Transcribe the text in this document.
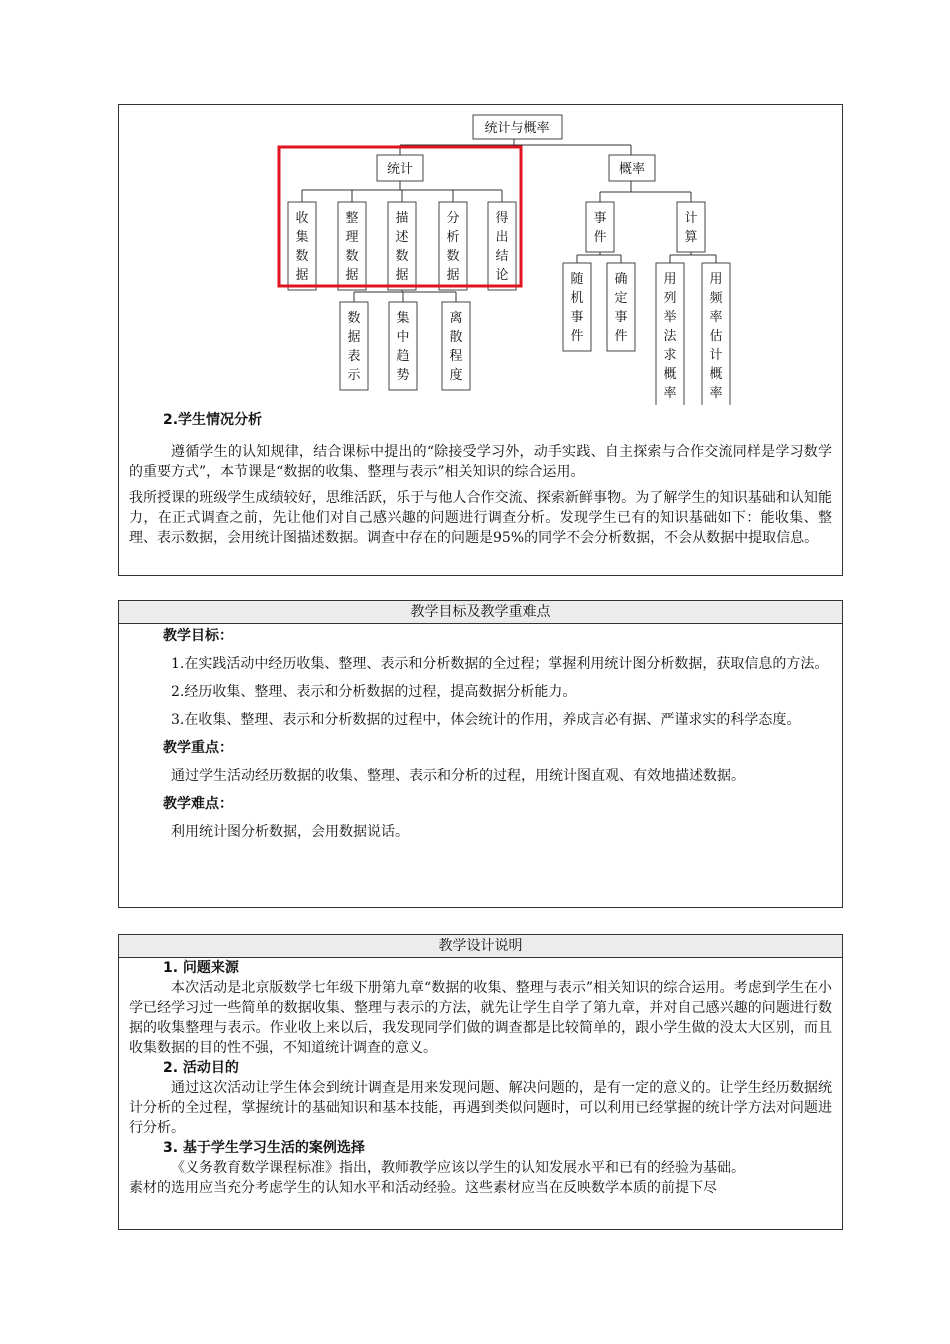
统计与概率
统计	概率
收集数据
整理数据
描述数据
分析数据
得出结论
数据表示
集中趋势
离散程度
事件
计算
随机事件
确定事件
用列举法求概率
用频率估计概率

2.学生情况分析

遵循学生的认知规律，结合课标中提出的“除接受学习外，动手实践、自主探索与合作交流同样是学习数学的重要方式”，本节课是“数据的收集、整理与表示”相关知识的综合运用。

我所授课的班级学生成绩较好，思维活跃，乐于与他人合作交流、探索新鲜事物。为了解学生的知识基础和认知能力，在正式调查之前，先让他们对自己感兴趣的问题进行调查分析。发现学生已有的知识基础如下：能收集、整理、表示数据，会用统计图描述数据。调查中存在的问题是95%的同学不会分析数据，不会从数据中提取信息。

教学目标及教学重难点

教学目标：

1.在实践活动中经历收集、整理、表示和分析数据的全过程；掌握利用统计图分析数据，获取信息的方法。

2.经历收集、整理、表示和分析数据的过程，提高数据分析能力。

3.在收集、整理、表示和分析数据的过程中，体会统计的作用，养成言必有据、严谨求实的科学态度。

教学重点：

通过学生活动经历数据的收集、整理、表示和分析的过程，用统计图直观、有效地描述数据。

教学难点：

利用统计图分析数据，会用数据说话。

教学设计说明

1. 问题来源

本次活动是北京版数学七年级下册第九章“数据的收集、整理与表示”相关知识的综合运用。考虑到学生在小学已经学习过一些简单的数据收集、整理与表示的方法，就先让学生自学了第九章，并对自己感兴趣的问题进行数据的收集整理与表示。作业收上来以后，我发现同学们做的调查都是比较简单的，跟小学生做的没太大区别，而且收集数据的目的性不强，不知道统计调查的意义。

2. 活动目的

通过这次活动让学生体会到统计调查是用来发现问题、解决问题的，是有一定的意义的。让学生经历数据统计分析的全过程，掌握统计的基础知识和基本技能，再遇到类似问题时，可以利用已经掌握的统计学方法对问题进行分析。

3. 基于学生学习生活的案例选择

《义务教育数学课程标准》指出，教师教学应该以学生的认知发展水平和已有的经验为基础。

素材的选用应当充分考虑学生的认知水平和活动经验。这些素材应当在反映数学本质的前提下尽
